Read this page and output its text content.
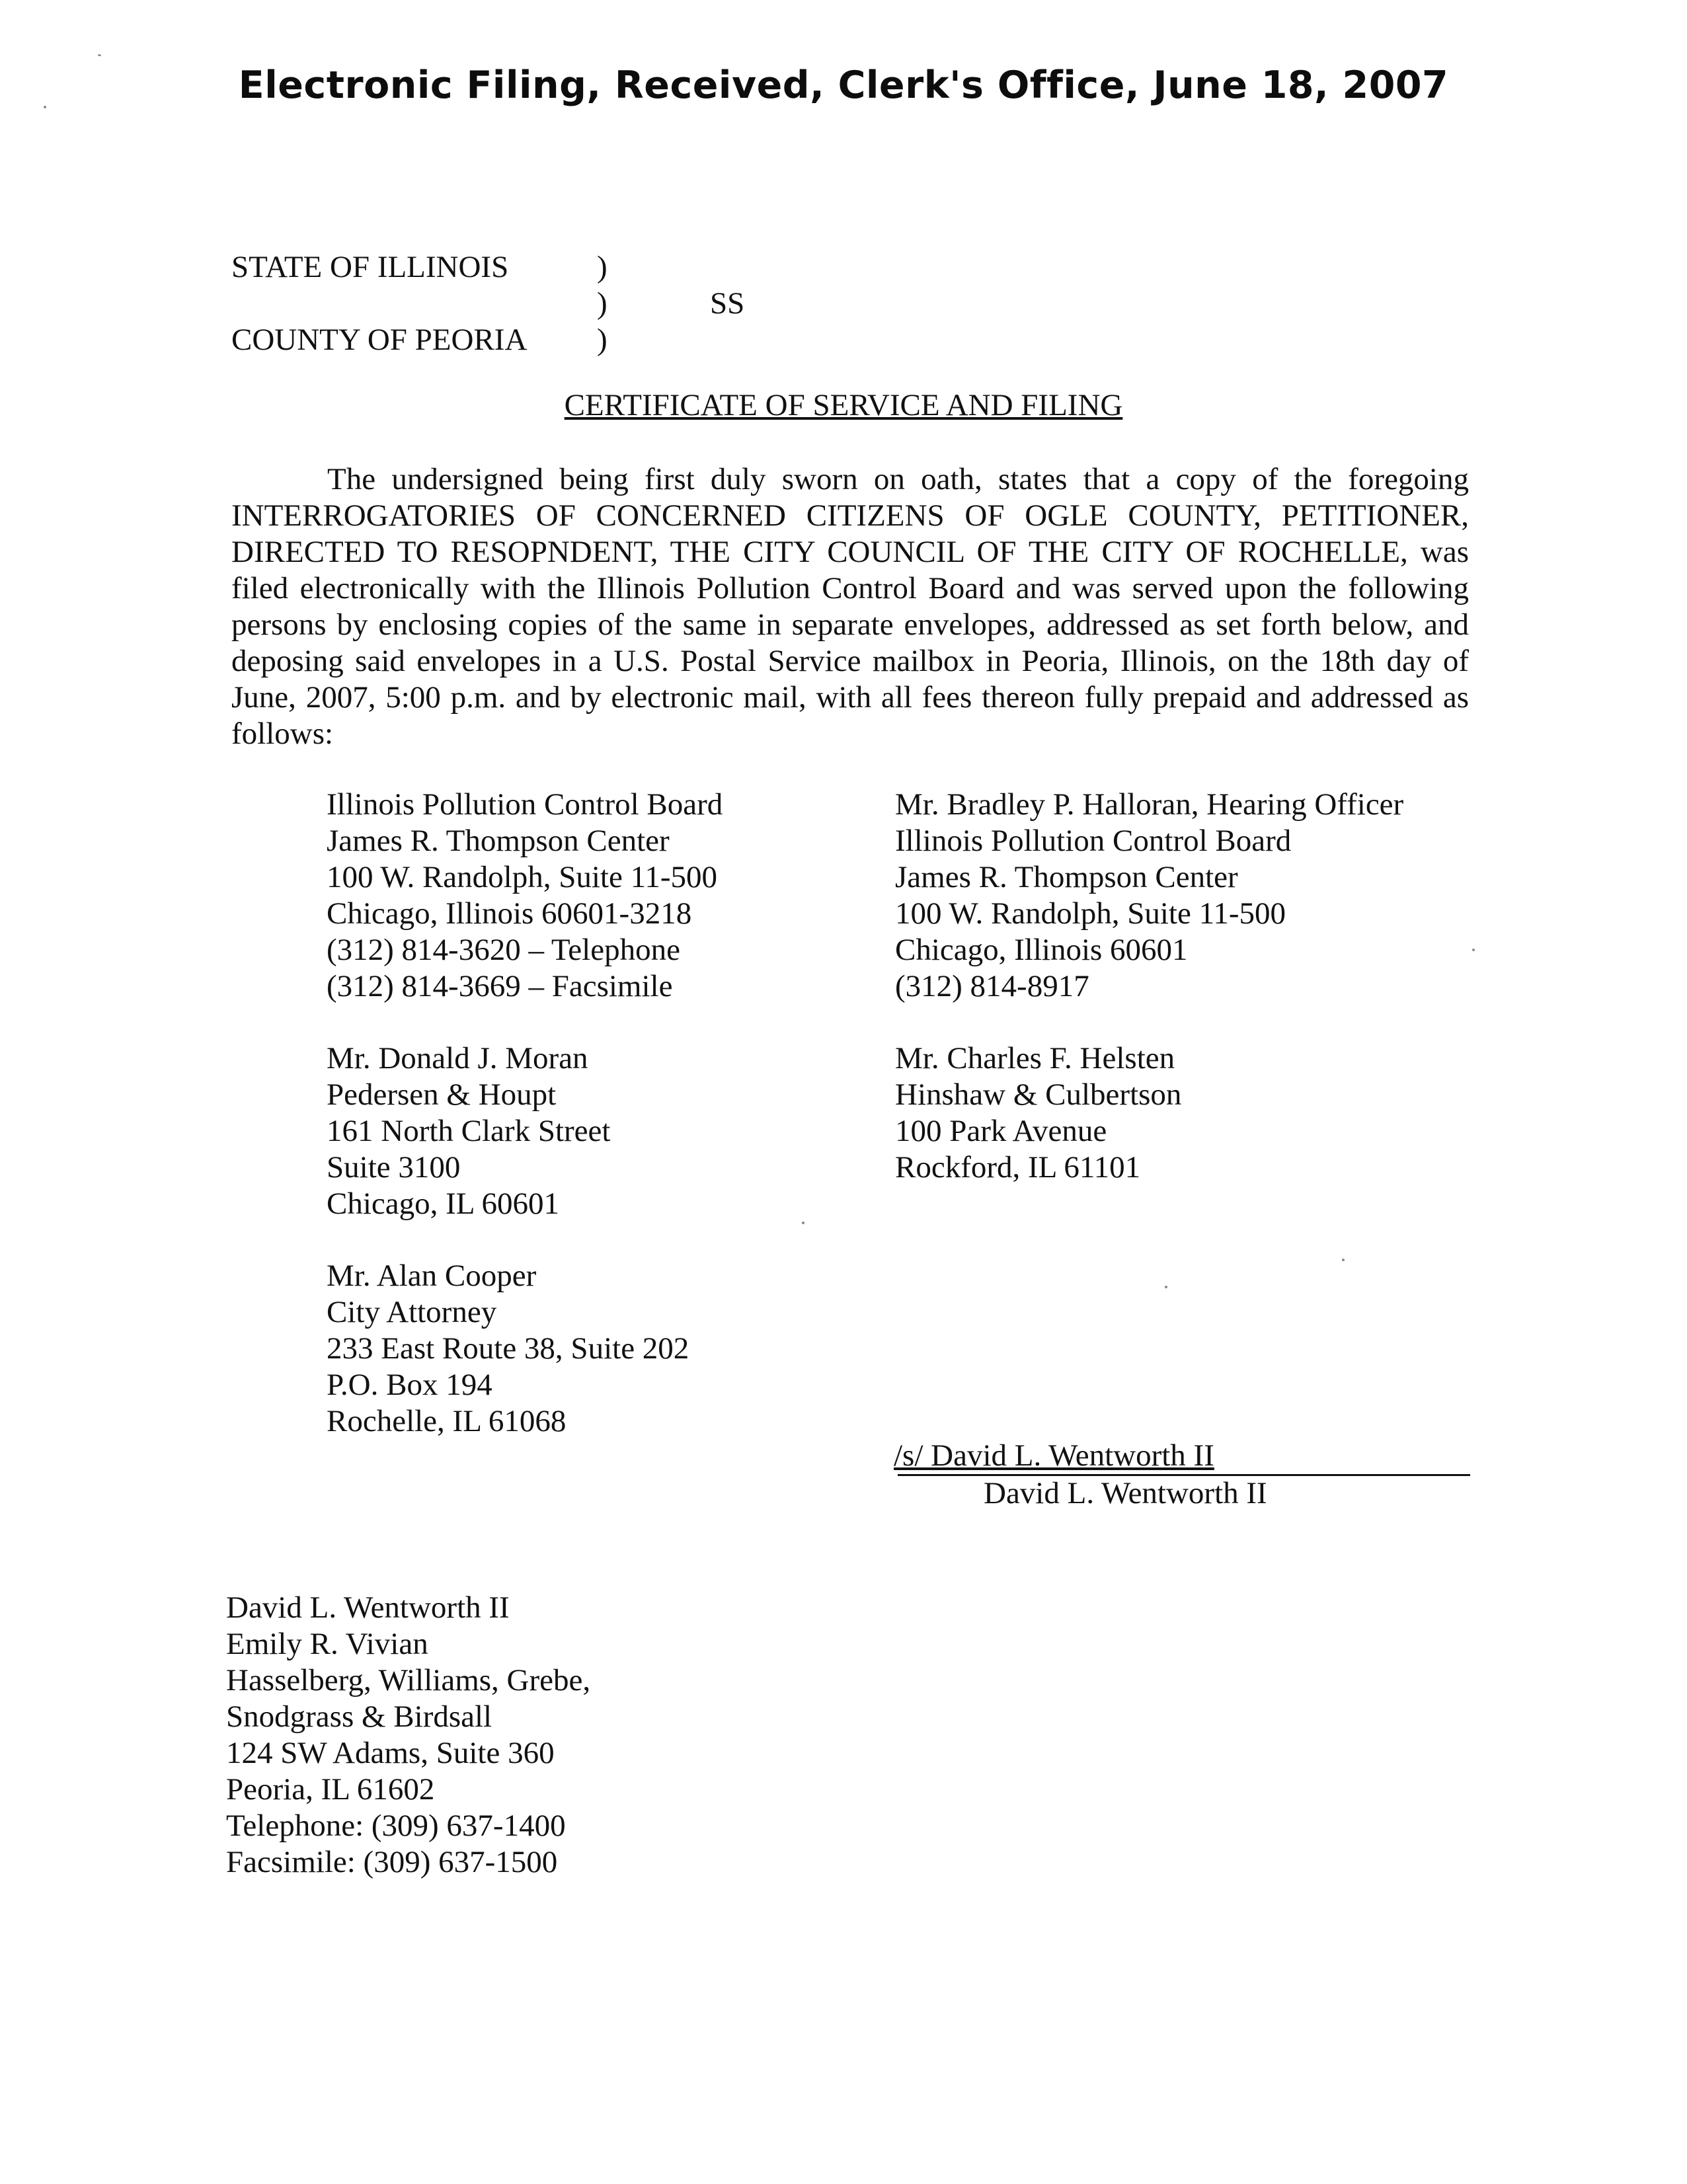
Electronic Filing, Received, Clerk's Office, June 18, 2007
STATE OF ILLINOIS
COUNTY OF PEORIA
)
)
)
SS
CERTIFICATE OF SERVICE AND FILING
The undersigned being first duly sworn on oath, states that a copy of the foregoing INTERROGATORIES OF CONCERNED CITIZENS OF OGLE COUNTY, PETITIONER, DIRECTED TO RESOPNDENT, THE CITY COUNCIL OF THE CITY OF ROCHELLE, was filed electronically with the Illinois Pollution Control Board and was served upon the following persons by enclosing copies of the same in separate envelopes, addressed as set forth below, and deposing said envelopes in a U.S. Postal Service mailbox in Peoria, Illinois, on the 18th day of June, 2007, 5:00 p.m. and by electronic mail, with all fees thereon fully prepaid and addressed as follows:
Illinois Pollution Control Board
James R. Thompson Center
100 W. Randolph, Suite 11-500
Chicago, Illinois 60601-3218
(312) 814-3620 – Telephone
(312) 814-3669 – Facsimile
Mr. Bradley P. Halloran, Hearing Officer
Illinois Pollution Control Board
James R. Thompson Center
100 W. Randolph, Suite 11-500
Chicago, Illinois 60601
(312) 814-8917
Mr. Donald J. Moran
Pedersen & Houpt
161 North Clark Street
Suite 3100
Chicago, IL 60601
Mr. Charles F. Helsten
Hinshaw & Culbertson
100 Park Avenue
Rockford, IL 61101
Mr. Alan Cooper
City Attorney
233 East Route 38, Suite 202
P.O. Box 194
Rochelle, IL 61068
/s/ David L. Wentworth II
David L. Wentworth II
David L. Wentworth II
Emily R. Vivian
Hasselberg, Williams, Grebe,
Snodgrass & Birdsall
124 SW Adams, Suite 360
Peoria, IL 61602
Telephone: (309) 637-1400
Facsimile: (309) 637-1500
